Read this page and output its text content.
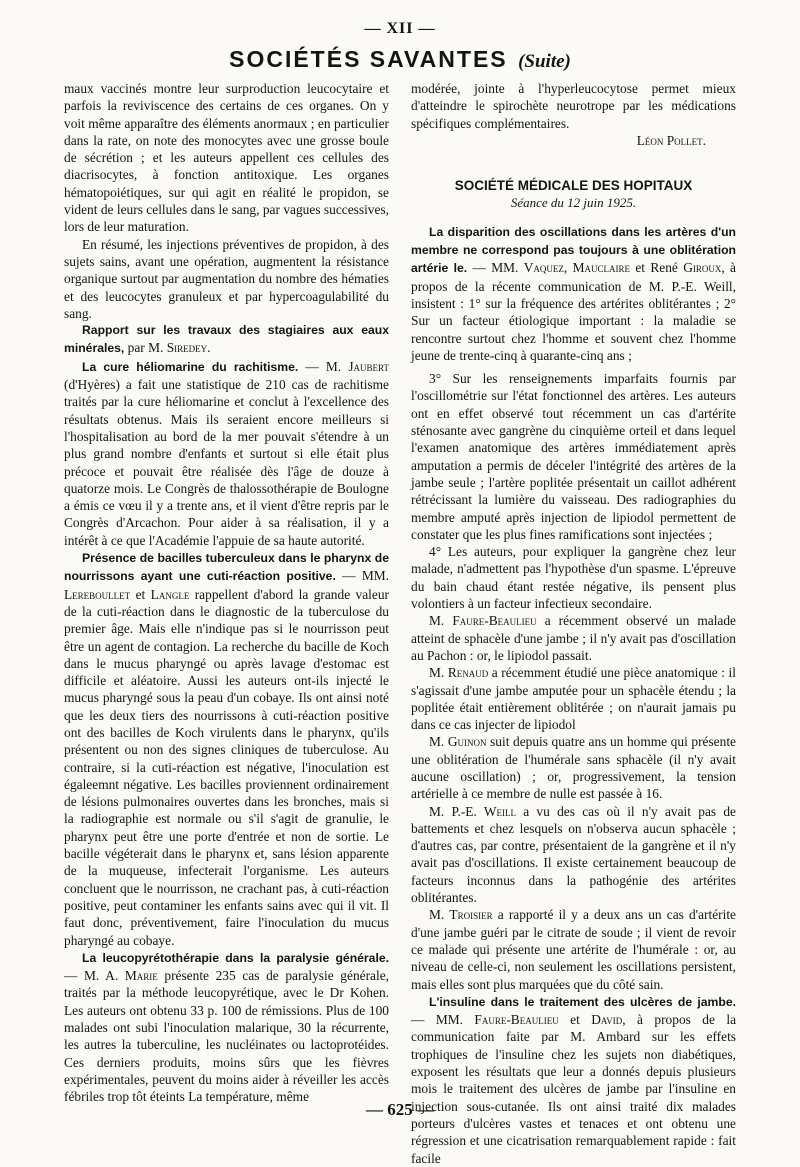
— XII —
SOCIÉTÉS SAVANTES (Suite)

maux vaccinés montre leur surproduction leucocytaire et parfois la reviviscence des certains de ces organes. On y voit même apparaître des éléments anormaux ; en particulier dans la rate, on note des monocytes avec une grosse boule de sécrétion ; et les auteurs appellent ces cellules des diacrisocytes, à fonction antitoxique. Les organes hématopoiétiques, sur qui agit en réalité le propidon, se vident de leurs cellules dans le sang, par vagues successives, lors de leur maturation.

En résumé, les injections préventives de propidon, à des sujets sains, avant une opération, augmentent la résistance organique surtout par augmentation du nombre des hématies et des leucocytes granuleux et par hypercoagulabilité du sang.

Rapport sur les travaux des stagiaires aux eaux minérales, par M. Siredey.

La cure héliomarine du rachitisme. — M. Jaubert (d'Hyères) a fait une statistique de 210 cas de rachitisme traités par la cure héliomarine et conclut à l'excellence des résultats obtenus. Mais ils seraient encore meilleurs si l'hospitalisation au bord de la mer pouvait s'étendre à un plus grand nombre d'enfants et surtout si elle était plus précoce et pouvait être réalisée dès l'âge de douze à quatorze mois. Le Congrès de thalossothérapie de Boulogne a émis ce vœu il y a trente ans, et il vient d'être repris par le Congrès d'Arcachon. Pour aider à sa réalisation, il y a intérêt à ce que l'Académie l'appuie de sa haute autorité.

Présence de bacilles tuberculeux dans le pharynx de nourrissons ayant une cuti-réaction positive. — MM. Lereboullet et Langle rappellent d'abord la grande valeur de la cuti-réaction dans le diagnostic de la tuberculose du premier âge. Mais elle n'indique pas si le nourrisson peut être un agent de contagion. La recherche du bacille de Koch dans le mucus pharyngé ou après lavage d'estomac est difficile et aléatoire. Aussi les auteurs ont-ils injecté le mucus pharyngé sous la peau d'un cobaye. Ils ont ainsi noté que les deux tiers des nourrissons à cuti-réaction positive ont des bacilles de Koch virulents dans le pharynx, qu'ils présentent ou non des signes cliniques de tuberculose. Au contraire, si la cuti-réaction est négative, l'inoculation est égaleemnt négative. Les bacilles proviennent ordinairement de lésions pulmonaires ouvertes dans les bronches, mais si la radiographie est normale ou s'il s'agit de granulie, le pharynx peut être une porte d'entrée et non de sortie. Le bacille végéterait dans le pharynx et, sans lésion apparente de la muqueuse, infecterait l'organisme. Les auteurs concluent que le nourrisson, ne crachant pas, à cuti-réaction positive, peut contaminer les enfants sains avec qui il vit. Il faut donc, préventivement, faire l'inoculation du mucus pharyngé au cobaye.

La leucopyrétothérapie dans la paralysie générale. — M. A. Marie présente 235 cas de paralysie générale, traités par la méthode leucopyrétique, avec le Dr Kohen. Les auteurs ont obtenu 33 p. 100 de rémissions. Plus de 100 malades ont subi l'inoculation malarique, 30 la récurrente, les autres la tuberculine, les nucléinates ou lactoprotéides. Ces derniers produits, moins sûrs que les fièvres expérimentales, peuvent du moins aider à réveiller les accès fébriles trop tôt éteints La température, même

modérée, jointe à l'hyperleucocytose permet mieux d'atteindre le spirochète neurotrope par les médications spécifiques complémentaires.

Léon Pollet.
SOCIÉTÉ MÉDICALE DES HOPITAUX
Séance du 12 juin 1925.

La disparition des oscillations dans les artères d'un membre ne correspond pas toujours à une oblitération artérie le. — MM. Vaquez, Mauclaire et René Giroux, à propos de la récente communication de M. P.-E. Weill, insistent : 1° sur la fréquence des artérites oblitérantes ; 2° Sur un facteur étiologique important : la maladie se rencontre surtout chez l'homme et souvent chez l'homme jeune de trente-cinq à quarante-cinq ans ;

3° Sur les renseignements imparfaits fournis par l'oscillométrie sur l'état fonctionnel des artères. Les auteurs ont en effet observé tout récemment un cas d'artérite sténosante avec gangrène du cinquième orteil et dans lequel l'examen anatomique des artères immédiatement après amputation a permis de déceler l'intégrité des artères de la jambe seule ; l'artère poplitée présentait un caillot adhérent rétrécissant la lumière du vaisseau. Des radiographies du membre amputé après injection de lipiodol permettent de constater que les plus fines ramifications sont injectées ;

4° Les auteurs, pour expliquer la gangrène chez leur malade, n'admettent pas l'hypothèse d'un spasme. L'épreuve du bain chaud étant restée négative, ils pensent plus volontiers à un facteur infectieux secondaire.

M. Faure-Beaulieu a récemment observé un malade atteint de sphacèle d'une jambe ; il n'y avait pas d'oscillation au Pachon : or, le lipiodol passait.

M. Renaud a récemment étudié une pièce anatomique : il s'agissait d'une jambe amputée pour un sphacèle étendu ; la poplitée était entièrement oblitérée ; on n'aurait jamais pu dans ce cas injecter de lipiodol

M. Guinon suit depuis quatre ans un homme qui présente une oblitération de l'humérale sans sphacèle (il n'y avait aucune oscillation) ; or, progressivement, la tension artérielle à ce membre de nulle est passée à 16.

M. P.-E. Weill a vu des cas où il n'y avait pas de battements et chez lesquels on n'observa aucun sphacèle ; d'autres cas, par contre, présentaient de la gangrène et il n'y avait pas d'oscillations. Il existe certainement beaucoup de facteurs inconnus dans la pathogénie des artérites oblitérantes.

M. Troisier a rapporté il y a deux ans un cas d'artérite d'une jambe guéri par le citrate de soude ; il vient de revoir ce malade qui présente une artérite de l'humérale : or, au niveau de celle-ci, non seulement les oscillations persistent, mais elles sont plus marquées que du côté sain.

L'insuline dans le traitement des ulcères de jambe. — MM. Faure-Beaulieu et David, à propos de la communication faite par M. Ambard sur les effets trophiques de l'insuline chez les sujets non diabétiques, exposent les résultats que leur a donnés depuis plusieurs mois le traitement des ulcères de jambe par l'insuline en injection sous-cutanée. Ils ont ainsi traité dix malades porteurs d'ulcères vastes et tenaces et ont obtenu une régression et une cicatrisation remarquablement rapide : fait facile

— 625 —
